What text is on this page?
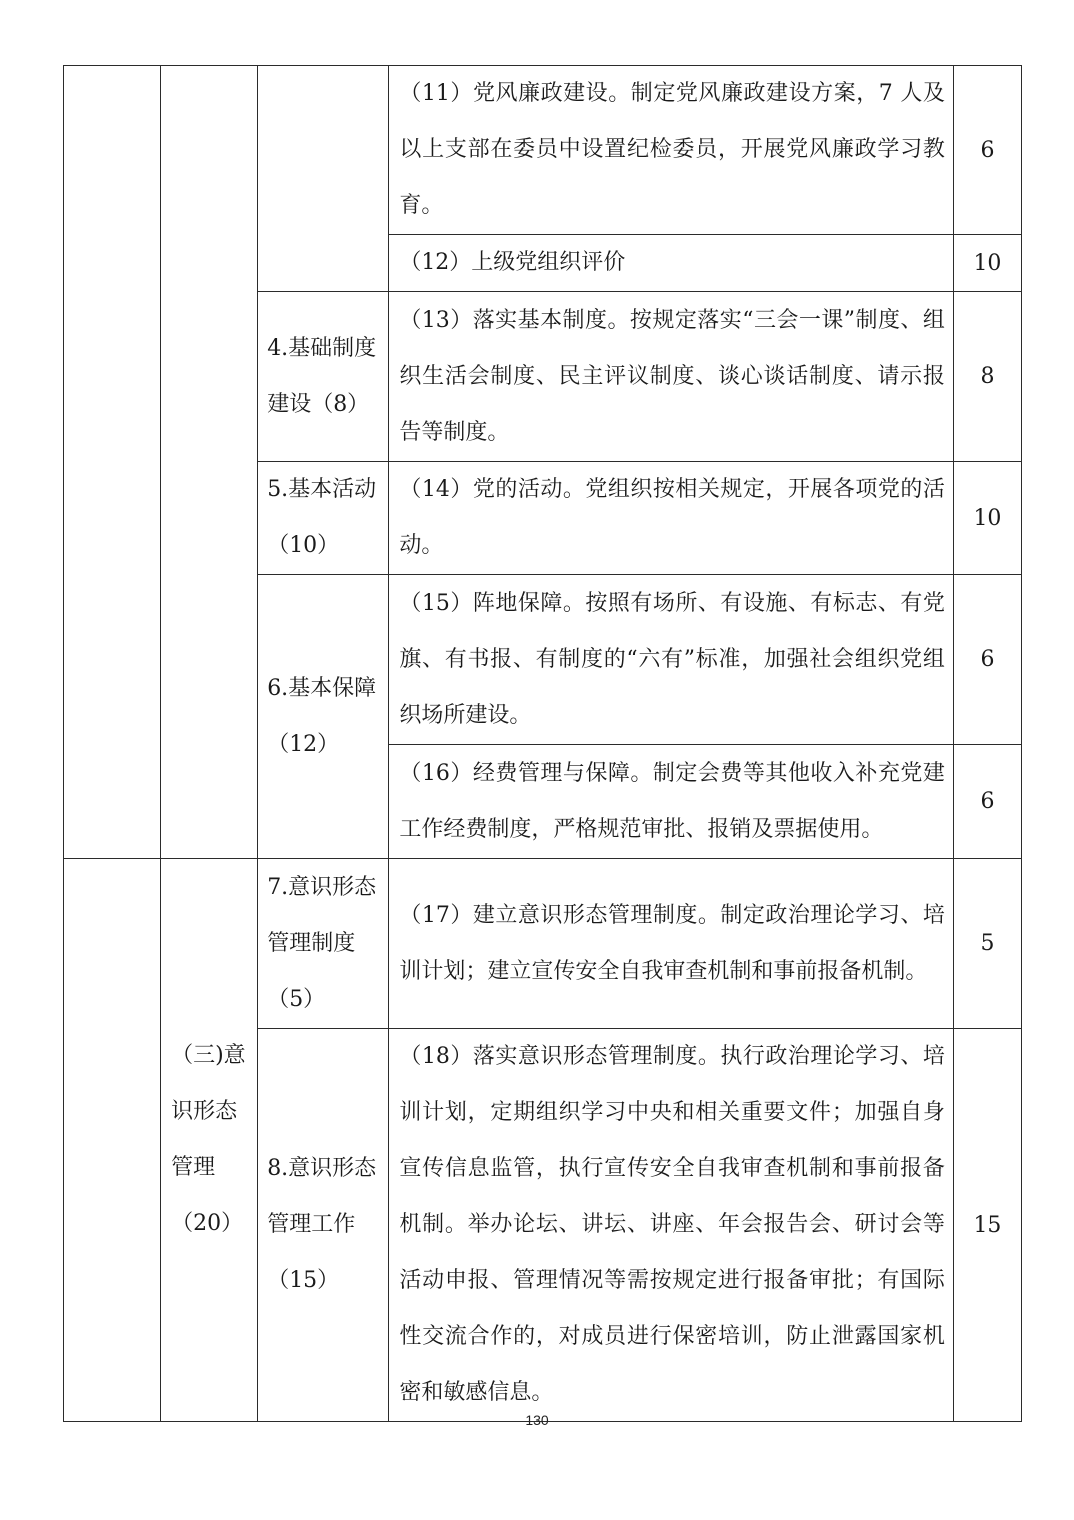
			（11）党风廉政建设。制定党风廉政建设方案，7 人及以上支部在委员中设置纪检委员，开展党风廉政学习教育。	6
			（12）上级党组织评价	10
		4.基础制度建设（8）	（13）落实基本制度。按规定落实“三会一课”制度、组织生活会制度、民主评议制度、谈心谈话制度、请示报告等制度。	8
		5.基本活动（10）	（14）党的活动。党组织按相关规定，开展各项党的活动。	10
		6.基本保障（12）	（15）阵地保障。按照有场所、有设施、有标志、有党旗、有书报、有制度的“六有”标准，加强社会组织党组织场所建设。	6
			（16）经费管理与保障。制定会费等其他收入补充党建工作经费制度，严格规范审批、报销及票据使用。	6
	（三)意识形态管理（20）	7.意识形态管理制度（5）	（17）建立意识形态管理制度。制定政治理论学习、培训计划；建立宣传安全自我审查机制和事前报备机制。	5
		8.意识形态管理工作（15）	（18）落实意识形态管理制度。执行政治理论学习、培训计划，定期组织学习中央和相关重要文件；加强自身宣传信息监管，执行宣传安全自我审查机制和事前报备机制。举办论坛、讲坛、讲座、年会报告会、研讨会等活动申报、管理情况等需按规定进行报备审批；有国际性交流合作的，对成员进行保密培训，防止泄露国家机密和敏感信息。	15
130
